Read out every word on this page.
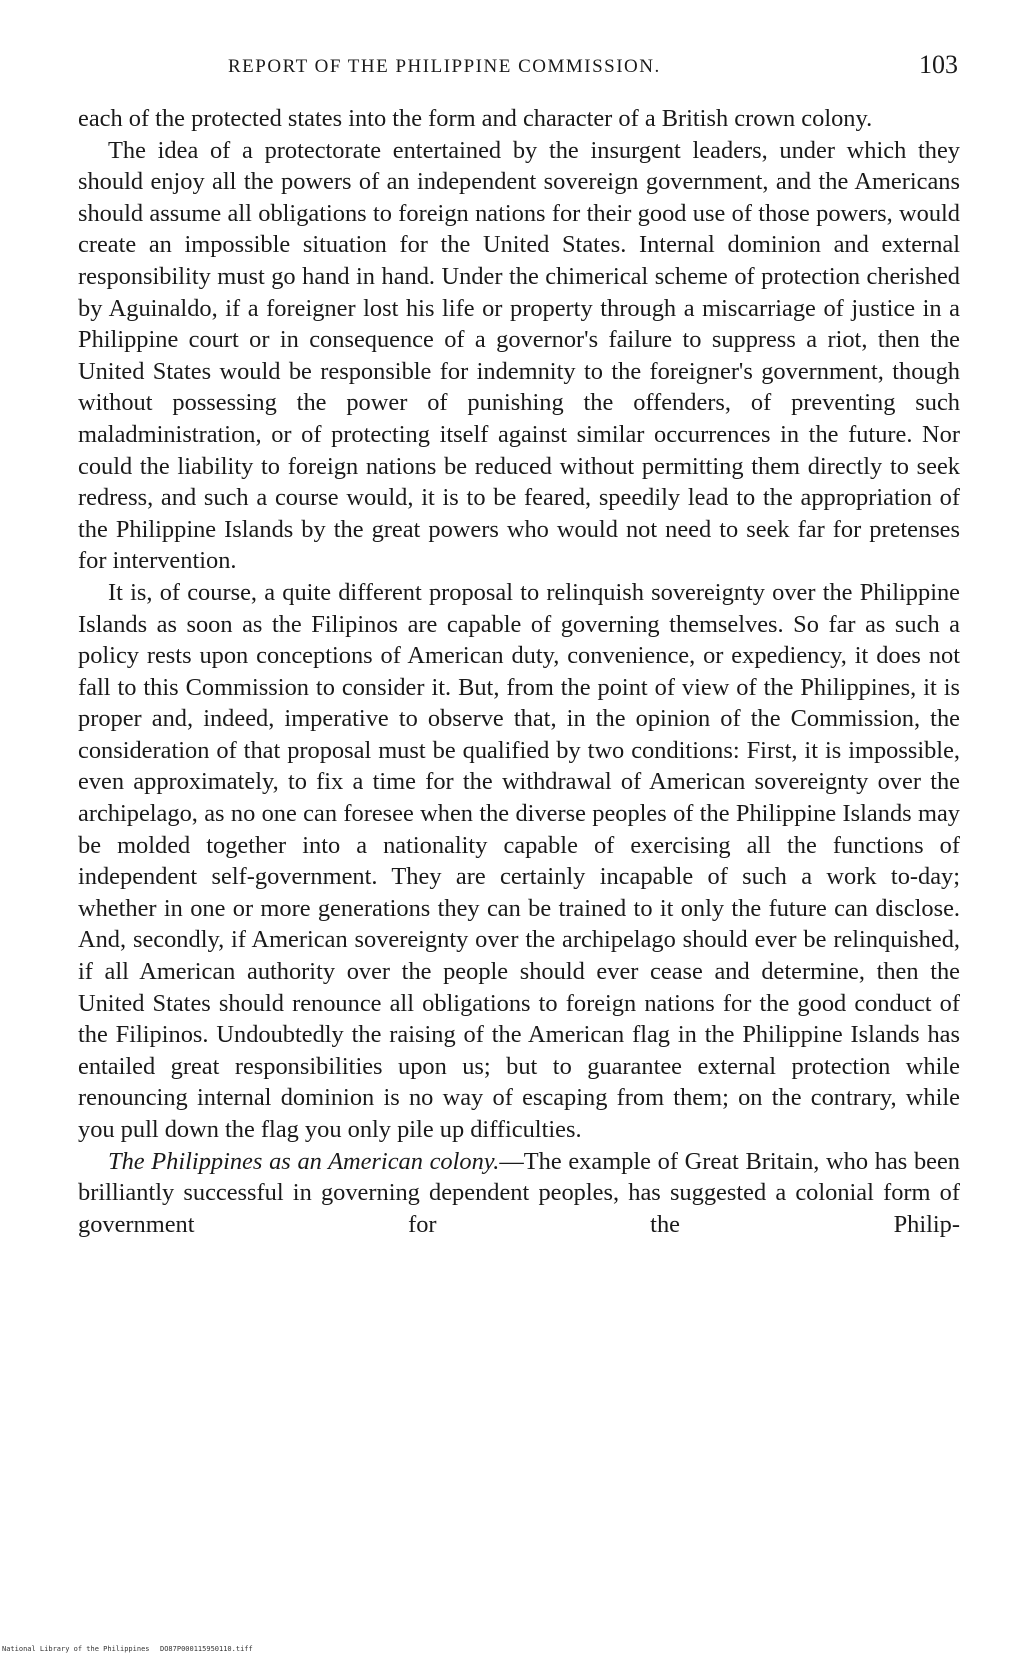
REPORT OF THE PHILIPPINE COMMISSION.	103

each of the protected states into the form and character of a British crown colony.

The idea of a protectorate entertained by the insurgent leaders, under which they should enjoy all the powers of an independent sovereign government, and the Americans should assume all obligations to foreign nations for their good use of those powers, would create an impossible situation for the United States. Internal dominion and external responsibility must go hand in hand. Under the chimerical scheme of protection cherished by Aguinaldo, if a foreigner lost his life or property through a miscarriage of justice in a Philippine court or in consequence of a governor's failure to suppress a riot, then the United States would be responsible for indemnity to the foreigner's government, though without possessing the power of punishing the offenders, of preventing such maladministration, or of protecting itself against similar occurrences in the future. Nor could the liability to foreign nations be reduced without permitting them directly to seek redress, and such a course would, it is to be feared, speedily lead to the appropriation of the Philippine Islands by the great powers who would not need to seek far for pretenses for intervention.

It is, of course, a quite different proposal to relinquish sovereignty over the Philippine Islands as soon as the Filipinos are capable of governing themselves. So far as such a policy rests upon conceptions of American duty, convenience, or expediency, it does not fall to this Commission to consider it. But, from the point of view of the Philippines, it is proper and, indeed, imperative to observe that, in the opinion of the Commission, the consideration of that proposal must be qualified by two conditions: First, it is impossible, even approximately, to fix a time for the withdrawal of American sovereignty over the archipelago, as no one can foresee when the diverse peoples of the Philippine Islands may be molded together into a nationality capable of exercising all the functions of independent self-government. They are certainly incapable of such a work to-day; whether in one or more generations they can be trained to it only the future can disclose. And, secondly, if American sovereignty over the archipelago should ever be relinquished, if all American authority over the people should ever cease and determine, then the United States should renounce all obligations to foreign nations for the good conduct of the Filipinos. Undoubtedly the raising of the American flag in the Philippine Islands has entailed great responsibilities upon us; but to guarantee external protection while renouncing internal dominion is no way of escaping from them; on the contrary, while you pull down the flag you only pile up difficulties.

The Philippines as an American colony.—The example of Great Britain, who has been brilliantly successful in governing dependent peoples, has suggested a colonial form of government for the Philip-

National Library of the Philippines DO87P000115950110.tiff
